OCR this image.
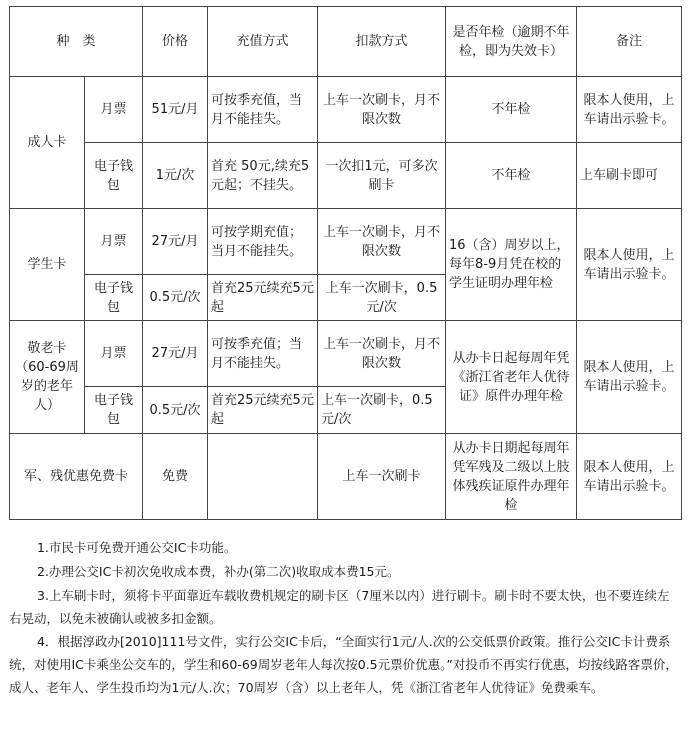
种　类		价格	充值方式	扣款方式	是否年检（逾期不年检，即为失效卡）	备注
成人卡	月票	51元/月	可按季充值，当月不能挂失。	上车一次刷卡，月不限次数	不年检	限本人使用，上车请出示验卡。
	电子钱包	1元/次	首充 50元,续充5元起；不挂失。	一次扣1元，可多次刷卡	不年检	上车刷卡即可
学生卡	月票	27元/月	可按学期充值；当月不能挂失。	上车一次刷卡，月不限次数	16（含）周岁以上，每年8-9月凭在校的学生证明办理年检	限本人使用，上车请出示验卡。
	电子钱包	0.5元/次	首充25元续充5元起	上车一次刷卡，0.5元/次		
敬老卡（60-69周岁的老年人）	月票	27元/月	可按季充值；当月不能挂失。	上车一次刷卡，月不限次数	从办卡日起每周年凭《浙江省老年人优待证》原件办理年检	限本人使用，上车请出示验卡。
	电子钱包	0.5元/次	首充25元续充5元起	上车一次刷卡，0.5元/次		
军、残优惠免费卡		免费		上车一次刷卡	从办卡日期起每周年凭军残及二级以上肢体残疾证原件办理年检	限本人使用，上车请出示验卡。

1.市民卡可免费开通公交IC卡功能。

2.办理公交IC卡初次免收成本费，补办(第二次)收取成本费15元。

3.上车刷卡时，须将卡平面靠近车载收费机规定的刷卡区（7厘米以内）进行刷卡。刷卡时不要太快，也不要连续左右晃动，以免未被确认或被多扣金额。

4．根据淳政办[2010]111号文件，实行公交IC卡后，“全面实行1元/人.次的公交低票价政策。推行公交IC卡计费系统，对使用IC卡乘坐公交车的，学生和60-69周岁老年人每次按0.5元票价优惠。”对投币不再实行优惠，均按线路客票价，成人、老年人、学生投币均为1元/人.次；70周岁（含）以上老年人，凭《浙江省老年人优待证》免费乘车。
